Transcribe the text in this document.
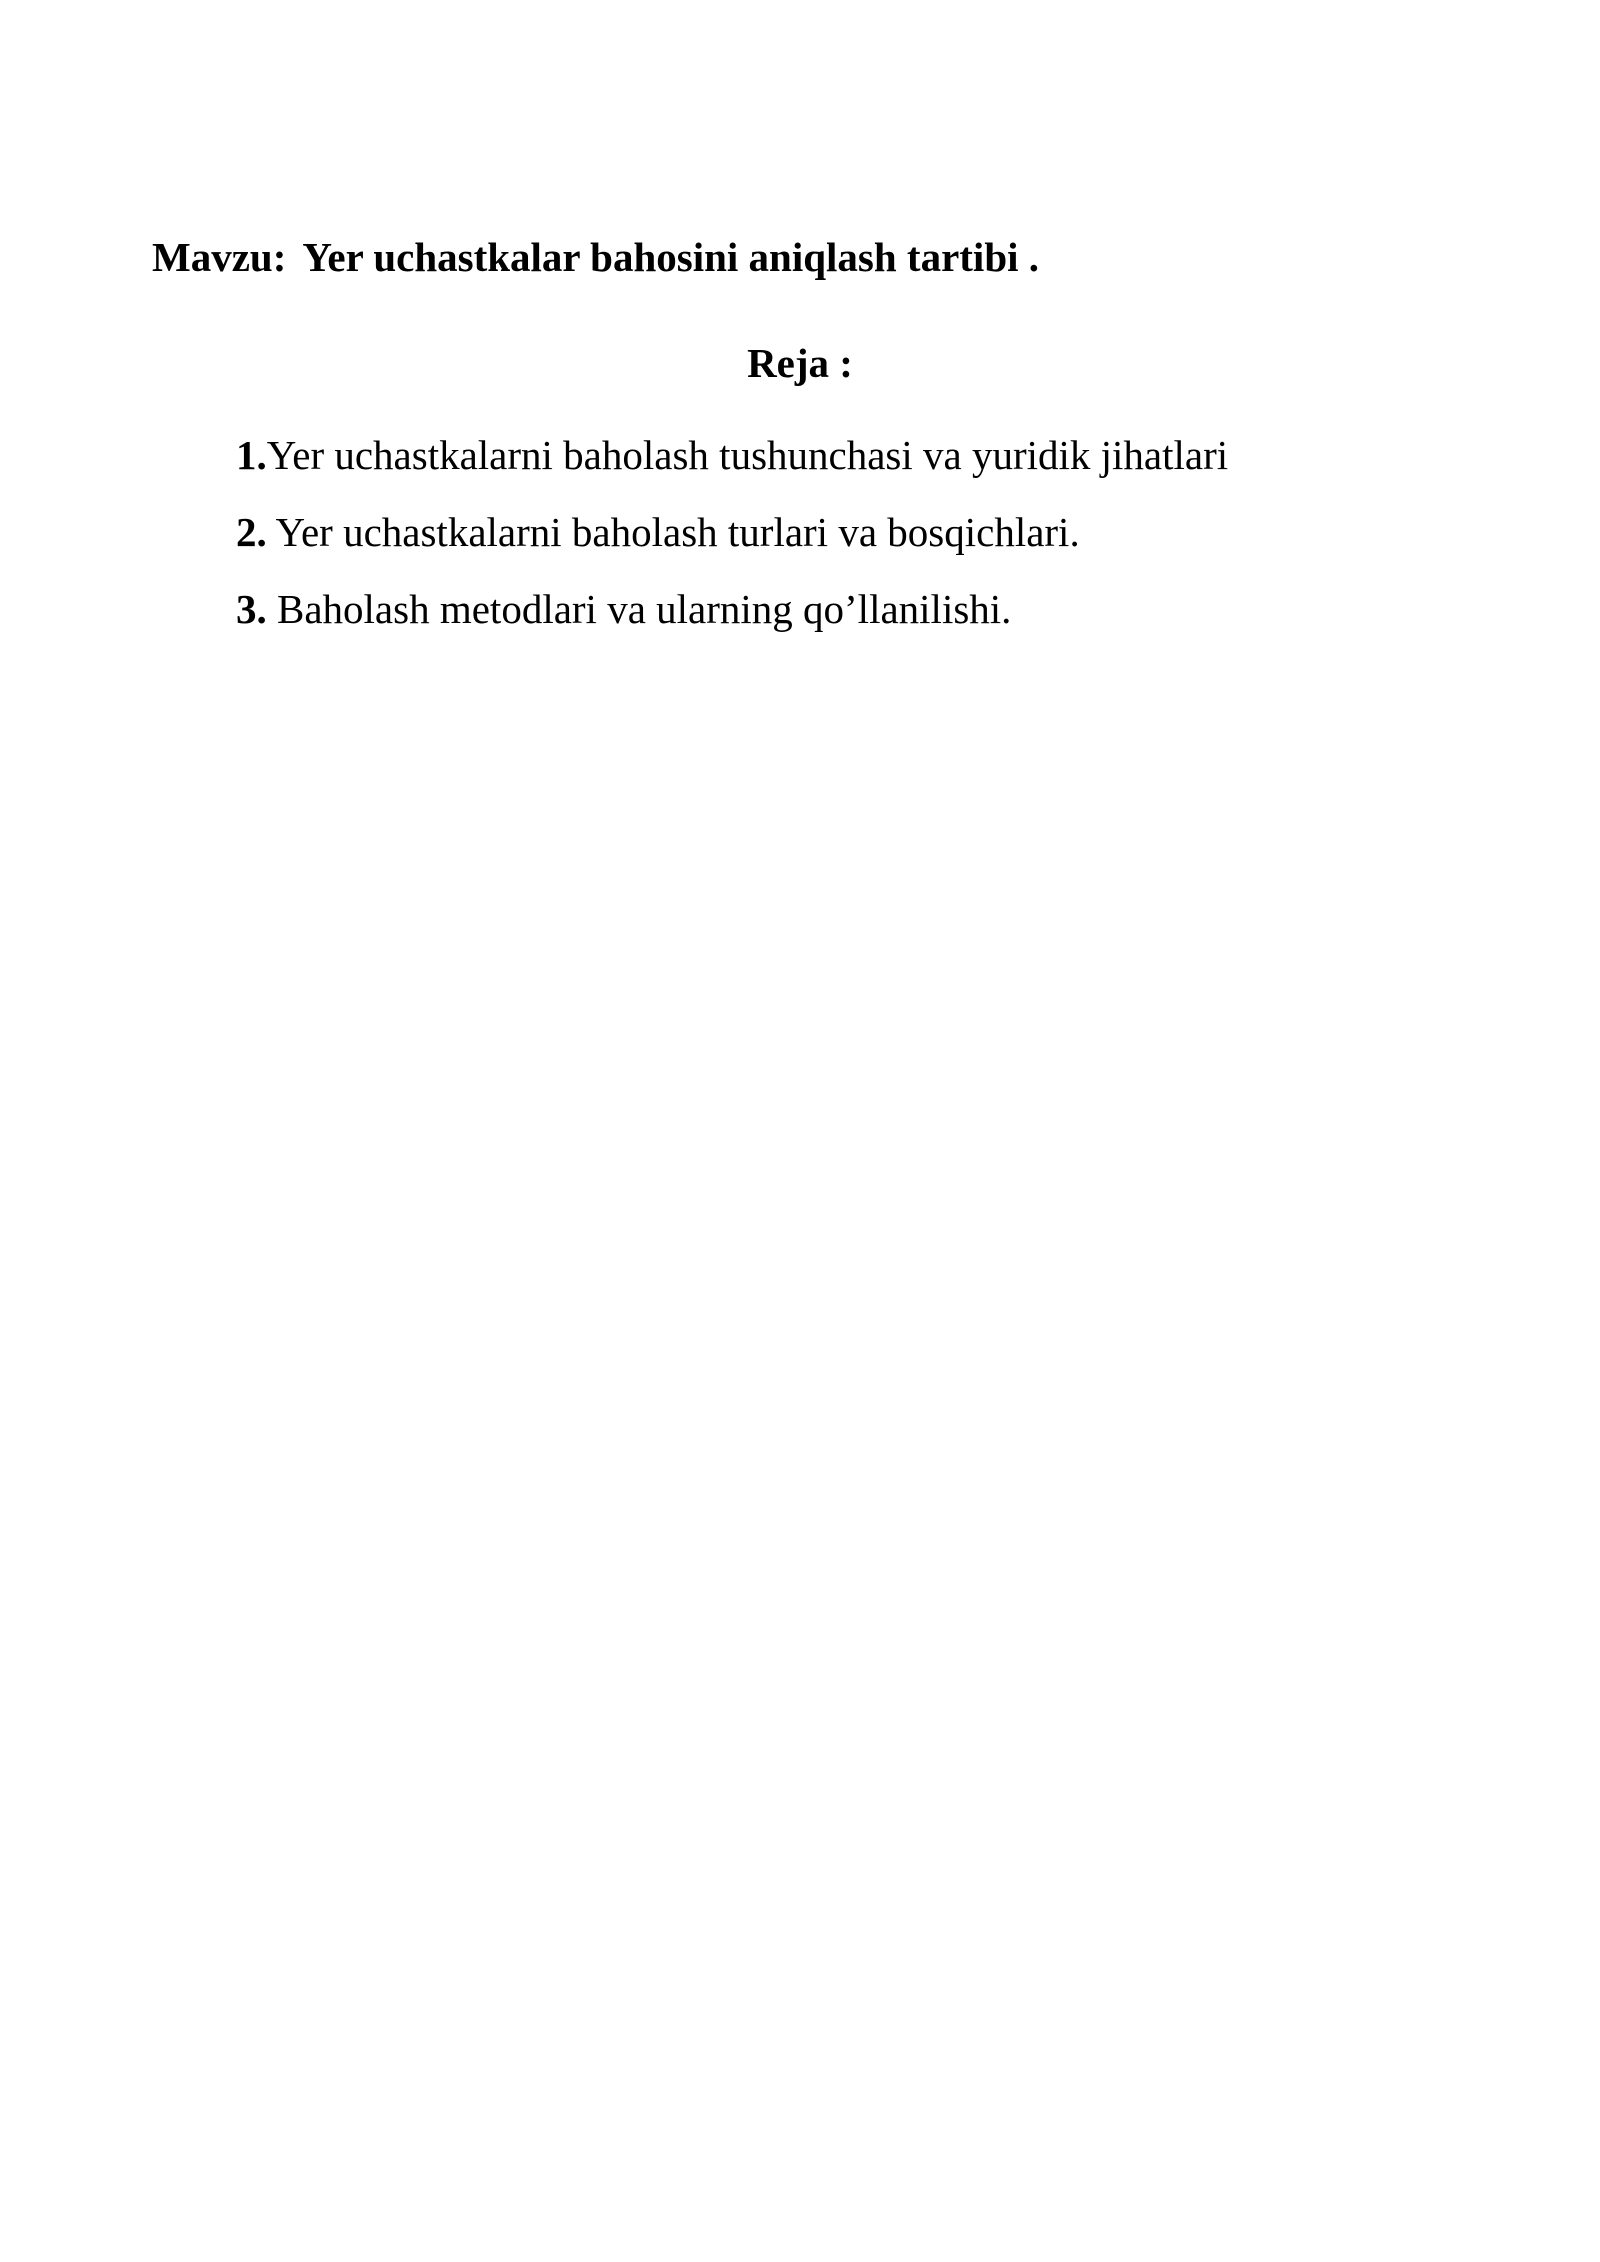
Mavzu: Yer uchastkalar bahosini aniqlash tartibi .
Reja :
1.Yer uchastkalarni baholash tushunchasi va yuridik jihatlari
2. Yer uchastkalarni baholash turlari va bosqichlari.
3. Baholash metodlari va ularning qo’llanilishi.
